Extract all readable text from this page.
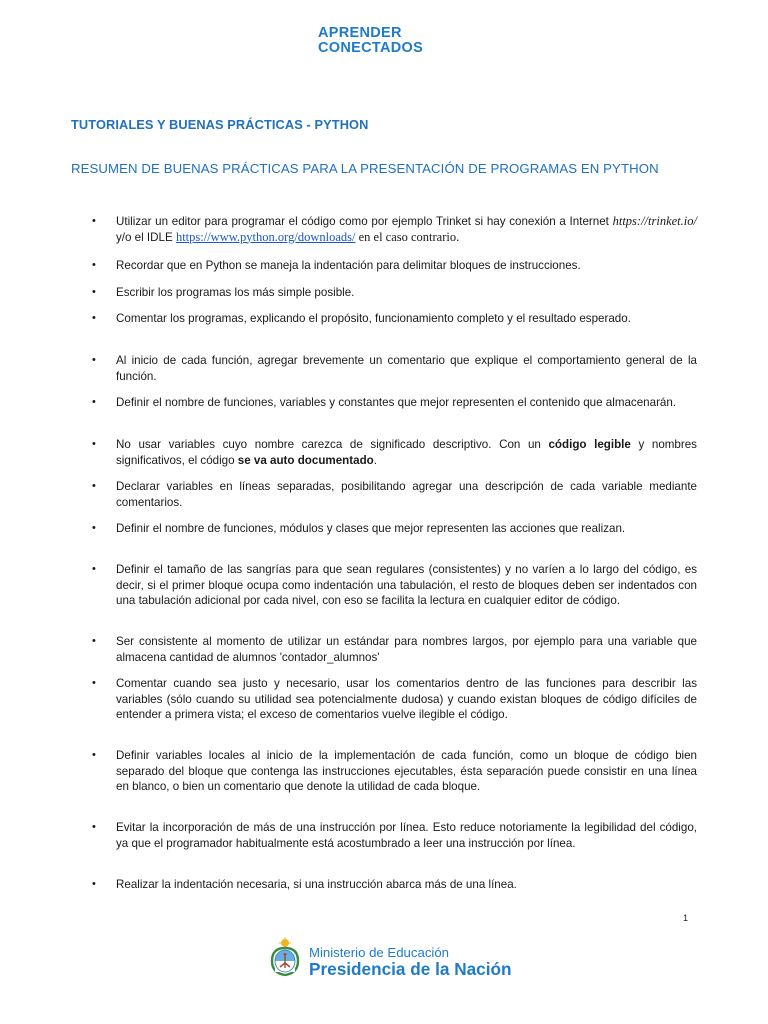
APRENDER
CONECTADOS
TUTORIALES Y BUENAS PRÁCTICAS - PYTHON
RESUMEN DE BUENAS PRÁCTICAS PARA LA PRESENTACIÓN DE PROGRAMAS EN PYTHON
•	Utilizar un editor para programar el código como por ejemplo Trinket si hay conexión a Internet https://trinket.io/ y/o el IDLE https://www.python.org/downloads/ en el caso contrario.
•	Recordar que en Python se maneja la indentación para delimitar bloques de instrucciones.
•	Escribir los programas los más simple posible.
•	Comentar los programas, explicando el propósito, funcionamiento completo y el resultado esperado.
•	Al inicio de cada función, agregar brevemente un comentario que explique el comportamiento general de la función.
•	Definir el nombre de funciones, variables y constantes que mejor representen el contenido que almacenarán.
•	No usar variables cuyo nombre carezca de significado descriptivo. Con un código legible y nombres significativos, el código se va auto documentado.
•	Declarar variables en líneas separadas, posibilitando agregar una descripción de cada variable mediante comentarios.
•	Definir el nombre de funciones, módulos y clases que mejor representen las acciones que realizan.
•	Definir el tamaño de las sangrías para que sean regulares (consistentes) y no varíen a lo largo del código, es decir, si el primer bloque ocupa como indentación una tabulación, el resto de bloques deben ser indentados con una tabulación adicional por cada nivel, con eso se facilita la lectura en cualquier editor de código.
•	Ser consistente al momento de utilizar un estándar para nombres largos, por ejemplo para una variable que almacena cantidad de alumnos 'contador_alumnos'
•	Comentar cuando sea justo y necesario, usar los comentarios dentro de las funciones para describir las variables (sólo cuando su utilidad sea potencialmente dudosa) y cuando existan bloques de código difíciles de entender a primera vista; el exceso de comentarios vuelve ilegible el código.
•	Definir variables locales al inicio de la implementación de cada función, como un bloque de código bien separado del bloque que contenga las instrucciones ejecutables, ésta separación puede consistir en una línea en blanco, o bien un comentario que denote la utilidad de cada bloque.
•	Evitar la incorporación de más de una instrucción por línea. Esto reduce notoriamente la legibilidad del código, ya que el programador habitualmente está acostumbrado a leer una instrucción por línea.
•	Realizar la indentación necesaria, si una instrucción abarca más de una línea.
1
Ministerio de Educación
Presidencia de la Nación
